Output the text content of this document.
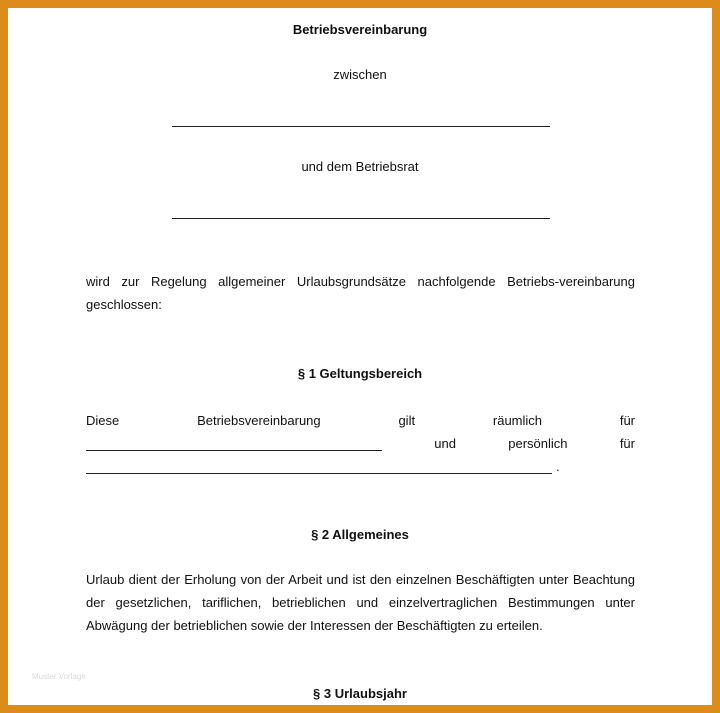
Betriebsvereinbarung
zwischen
und dem Betriebsrat
wird zur Regelung allgemeiner Urlaubsgrundsätze nachfolgende Betriebs-vereinbarung geschlossen:
§ 1 Geltungsbereich
Diese	Betriebsvereinbarung	gilt	räumlich	für
und	persönlich	für
.
§ 2 Allgemeines
Urlaub dient der Erholung von der Arbeit und ist den einzelnen Beschäftigten unter Beachtung der gesetzlichen, tariflichen, betrieblichen und einzelvertraglichen Bestimmungen unter Abwägung der betrieblichen sowie der Interessen der Beschäftigten zu erteilen.
Muster Vorlage
§ 3 Urlaubsjahr
